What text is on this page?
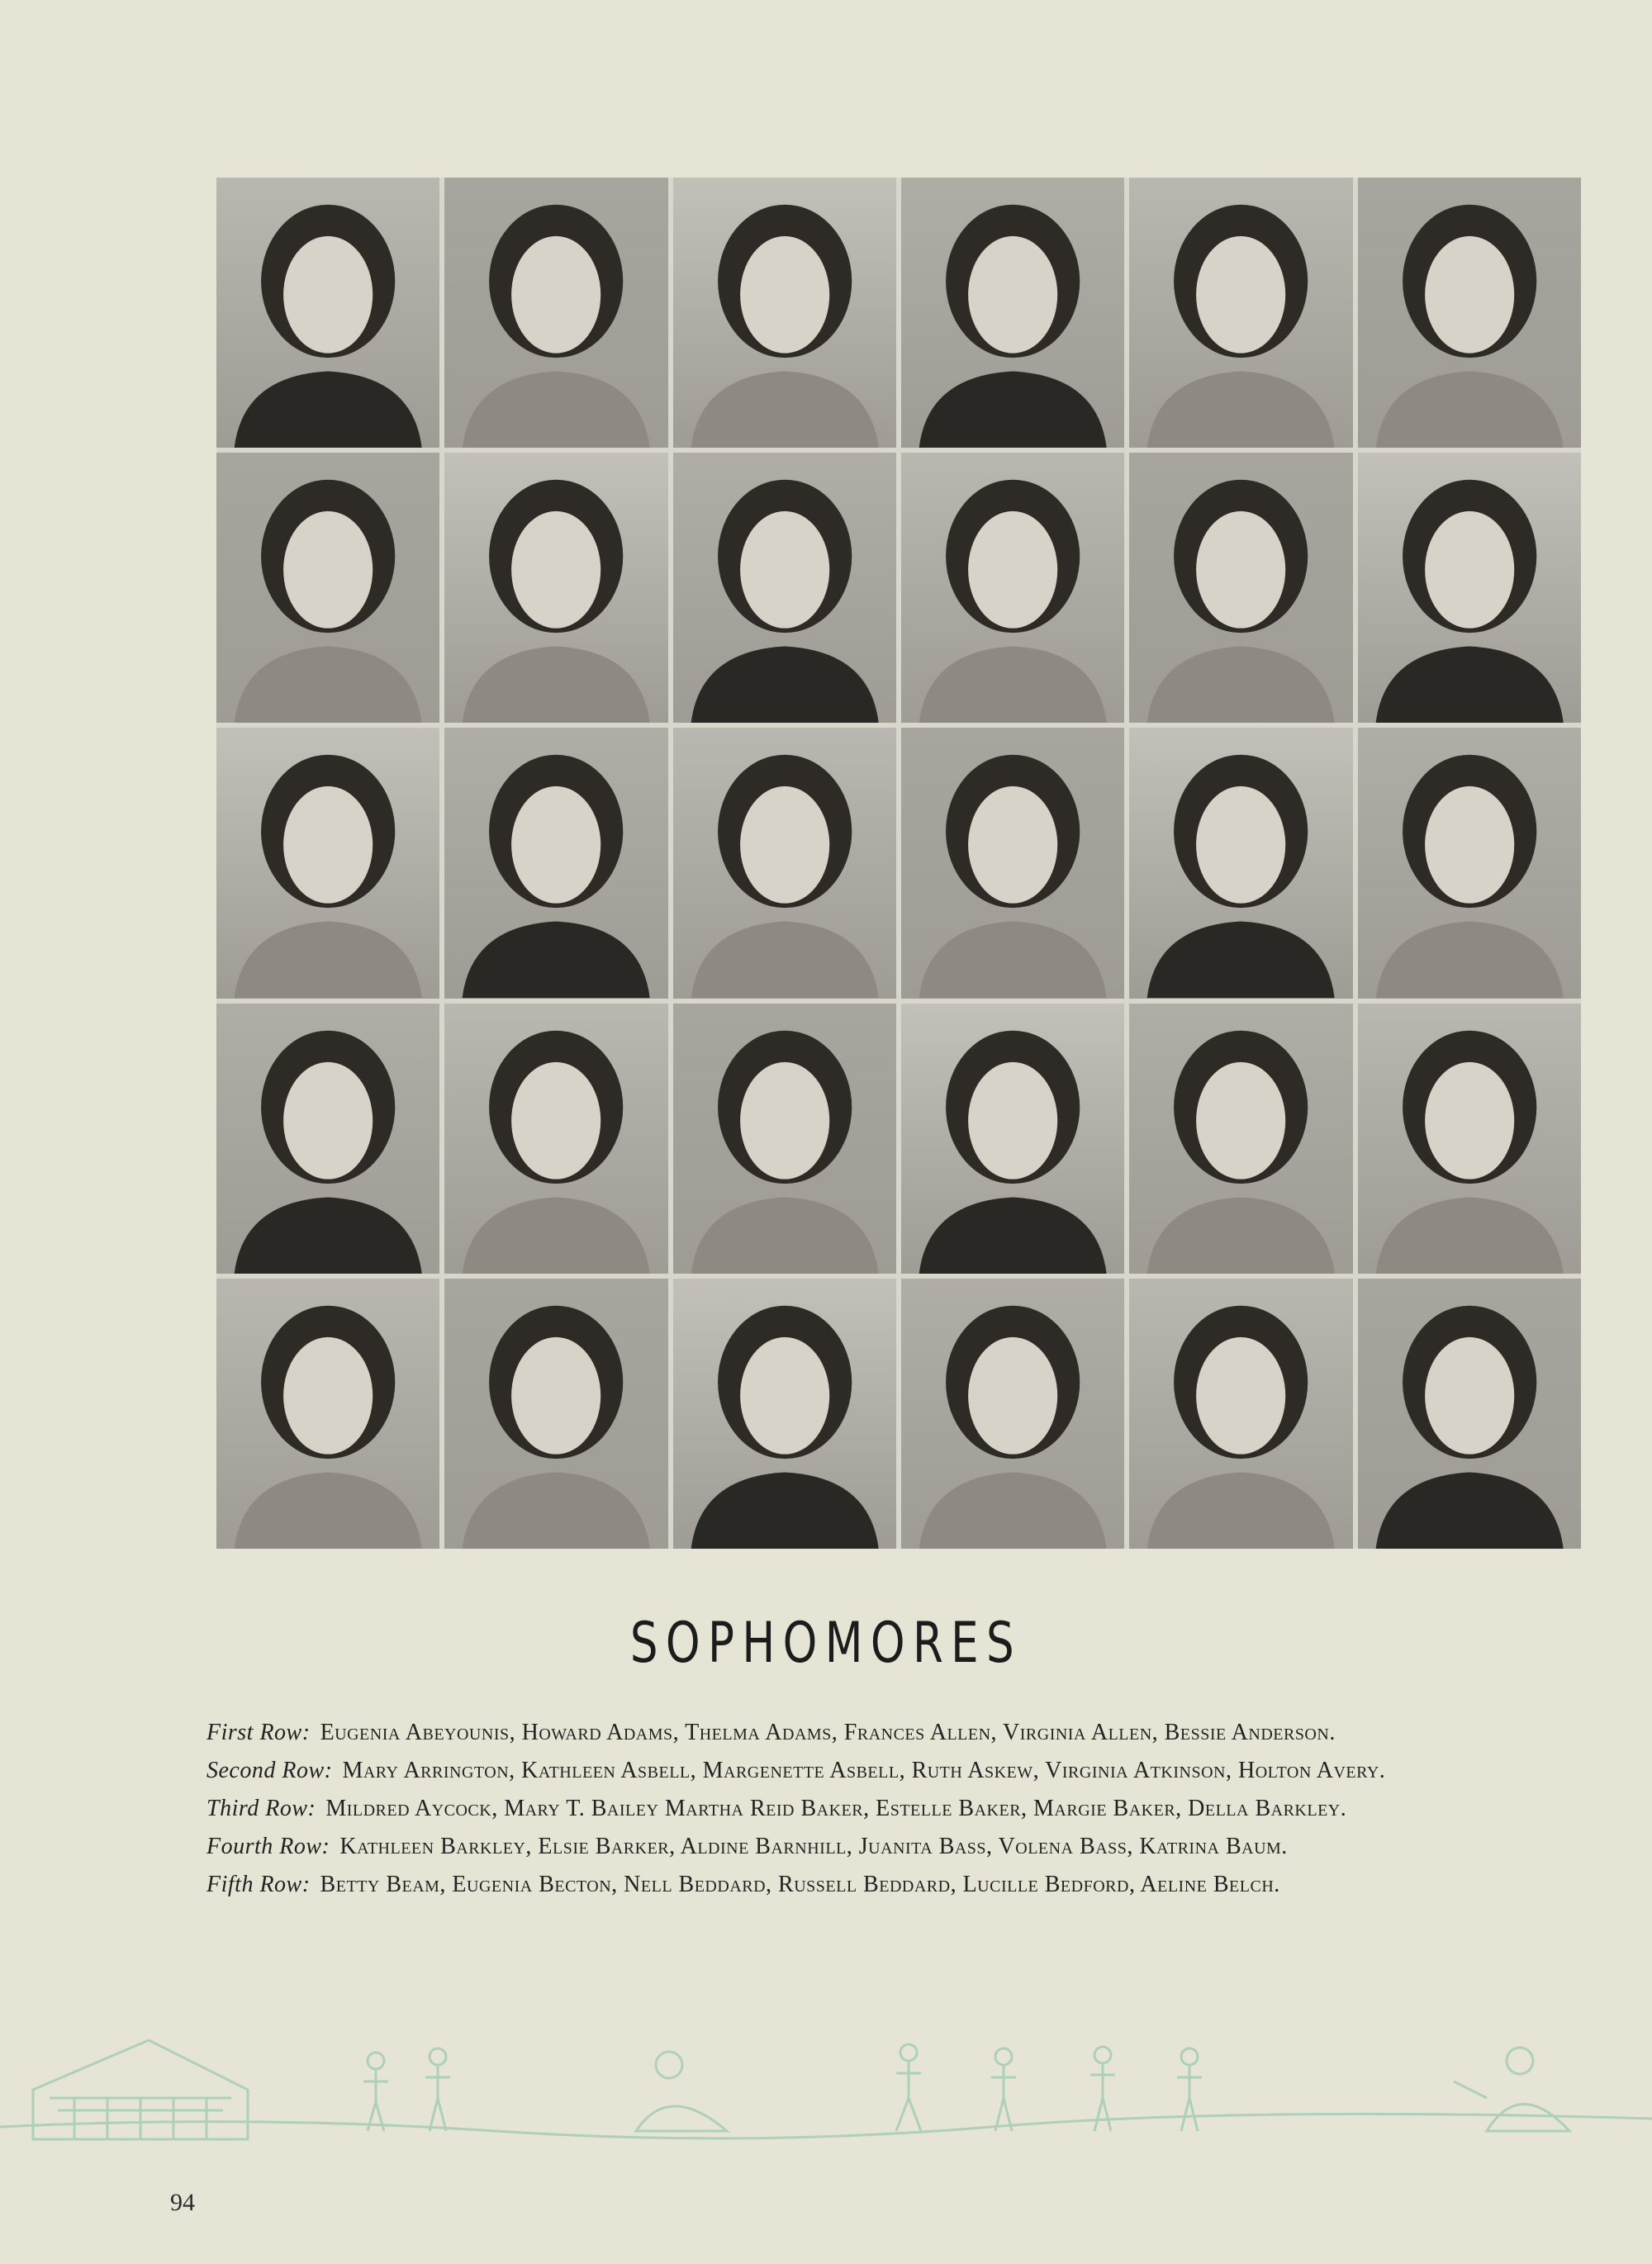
SOPHOMORES

First Row: Eugenia Abeyounis, Howard Adams, Thelma Adams, Frances Allen, Virginia Allen, Bessie Anderson.

Second Row: Mary Arrington, Kathleen Asbell, Margenette Asbell, Ruth Askew, Virginia Atkinson, Holton Avery.

Third Row: Mildred Aycock, Mary T. Bailey Martha Reid Baker, Estelle Baker, Margie Baker, Della Barkley.

Fourth Row: Kathleen Barkley, Elsie Barker, Aldine Barnhill, Juanita Bass, Volena Bass, Katrina Baum.

Fifth Row: Betty Beam, Eugenia Becton, Nell Beddard, Russell Beddard, Lucille Bedford, Aeline Belch.

94
